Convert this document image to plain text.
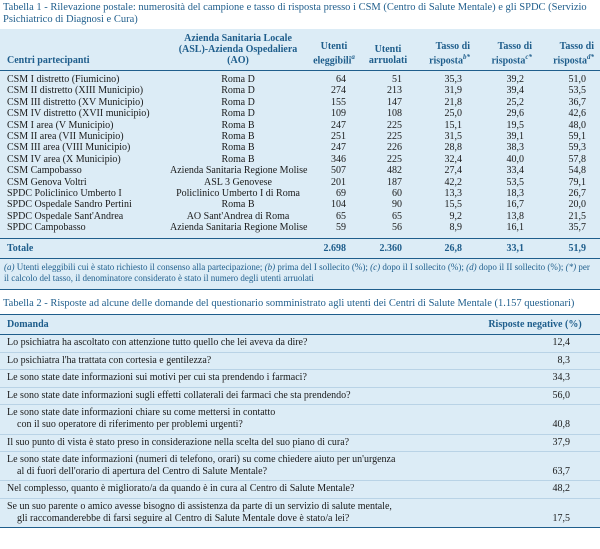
Tabella 1 - Rilevazione postale: numerosità del campione e tasso di risposta presso i CSM (Centro di Salute Mentale) e gli SPDC (Servizio Psichiatrico di Diagnosi e Cura)
Centri partecipanti	Azienda Sanitaria Locale (ASL)-Azienda Ospedaliera (AO)	Utenti eleggibili$^a$	Utenti arruolati	Tasso di risposta$^{b*}$	Tasso di risposta$^{c*}$	Tasso di risposta$^{d*}$
CSM I distretto (Fiumicino)	Roma D	64	51	35,3	39,2	51,0
CSM II distretto (XIII Municipio)	Roma D	274	213	31,9	39,4	53,5
CSM III distretto (XV Municipio)	Roma D	155	147	21,8	25,2	36,7
CSM IV distretto (XVII municipio)	Roma D	109	108	25,0	29,6	42,6
CSM I area (V Municipio)	Roma B	247	225	15,1	19,5	48,0
CSM II area (VII Municipio)	Roma B	251	225	31,5	39,1	59,1
CSM III area (VIII Municipio)	Roma B	247	226	28,8	38,3	59,3
CSM IV area (X Municipio)	Roma B	346	225	32,4	40,0	57,8
CSM Campobasso	Azienda Sanitaria Regione Molise	507	482	27,4	33,4	54,8
CSM Genova Voltri	ASL 3 Genovese	201	187	42,2	53,5	79,1
SPDC Policlinico Umberto I	Policlinico Umberto I di Roma	69	60	13,3	18,3	26,7
SPDC Ospedale Sandro Pertini	Roma B	104	90	15,5	16,7	20,0
SPDC Ospedale Sant'Andrea	AO Sant'Andrea di Roma	65	65	9,2	13,8	21,5
SPDC Campobasso	Azienda Sanitaria Regione Molise	59	56	8,9	16,1	35,7
Totale		2.698	2.360	26,8	33,1	51,9
(a) Utenti eleggibili cui è stato richiesto il consenso alla partecipazione; (b) prima del I sollecito (%); (c) dopo il I sollecito (%); (d) dopo il II sollecito (%); (*) per il calcolo del tasso, il denominatore considerato è stato il numero degli utenti arruolati
Tabella 2 - Risposte ad alcune delle domande del questionario somministrato agli utenti dei Centri di Salute Mentale (1.157 questionari)
Domanda	Risposte negative (%)

Lo psichiatra ha ascoltato con attenzione tutto quello che lei aveva da dire?	12,4

Lo psichiatra l'ha trattata con cortesia e gentilezza?	8,3

Le sono state date informazioni sui motivi per cui sta prendendo i farmaci?	34,3

Le sono state date informazioni sugli effetti collaterali dei farmaci che sta prendendo?	56,0

Le sono state date informazioni chiare su come mettersi in contatto
con il suo operatore di riferimento per problemi urgenti?	40,8

Il suo punto di vista è stato preso in considerazione nella scelta del suo piano di cura?	37,9

Le sono state date informazioni (numeri di telefono, orari) su come chiedere aiuto per un'urgenza
al di fuori dell'orario di apertura del Centro di Salute Mentale?	63,7

Nel complesso, quanto è migliorato/a da quando è in cura al Centro di Salute Mentale?	48,2

Se un suo parente o amico avesse bisogno di assistenza da parte di un servizio di salute mentale,
gli raccomanderebbe di farsi seguire al Centro di Salute Mentale dove è stato/a lei?	17,5
